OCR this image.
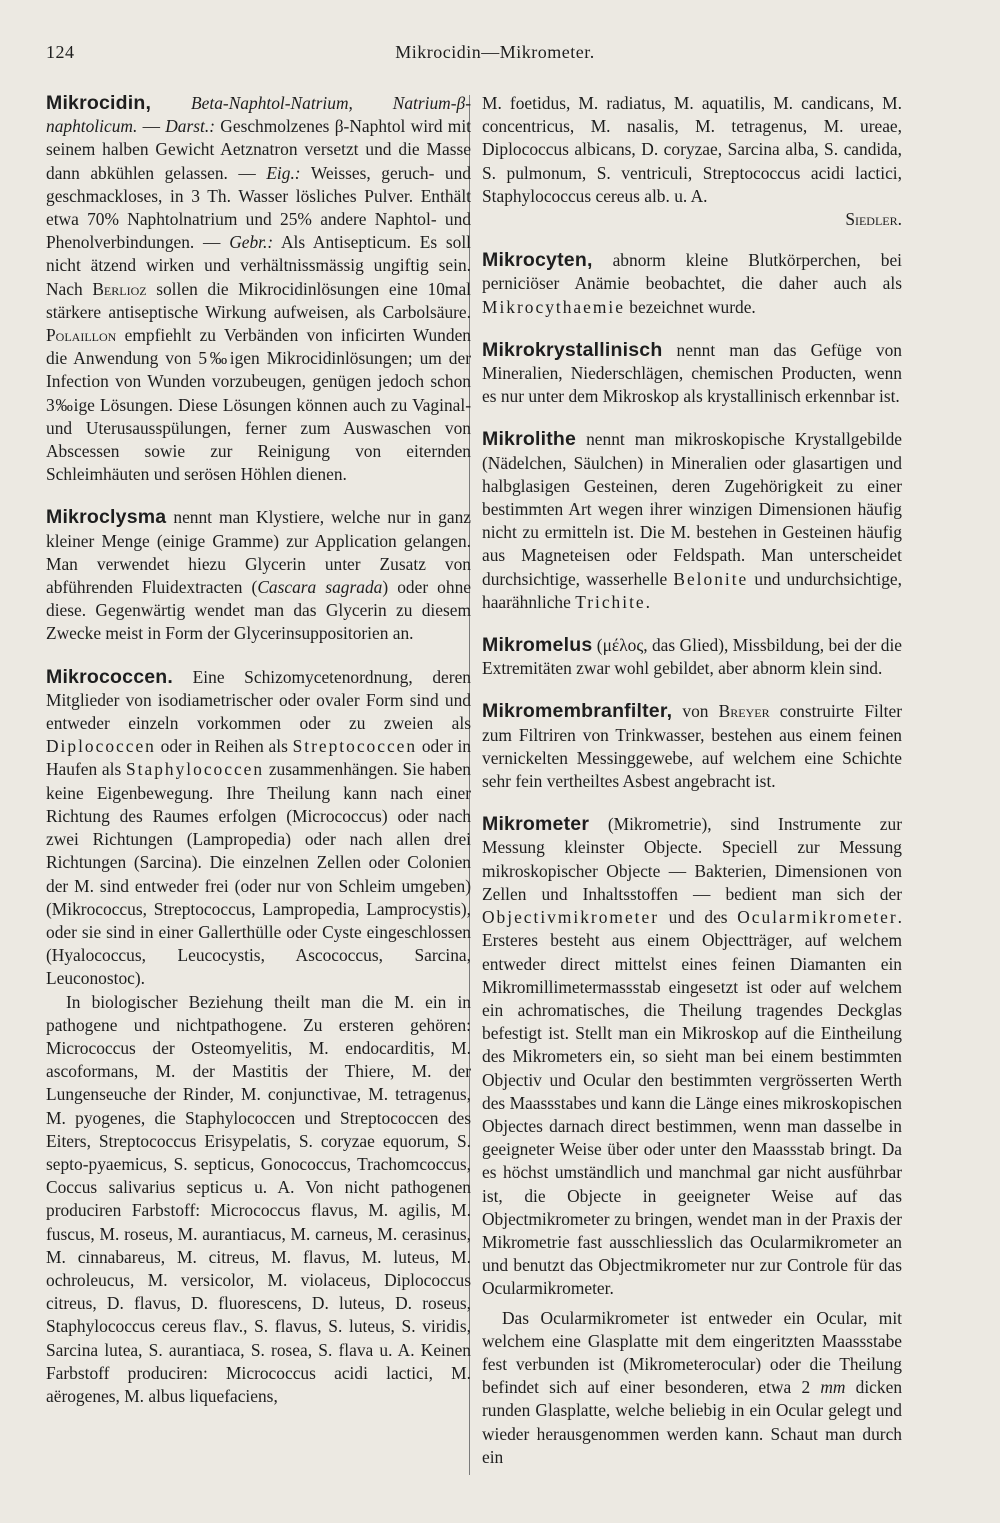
124	Mikrocidin—Mikrometer.

Mikrocidin, Beta-Naphtol-Natrium, Natrium-β-naphtolicum. — Darst.: Geschmolzenes β-Naphtol wird mit seinem halben Gewicht Aetznatron versetzt und die Masse dann abkühlen gelassen. — Eig.: Weisses, geruch- und geschmackloses, in 3 Th. Wasser lösliches Pulver. Enthält etwa 70% Naphtolnatrium und 25% andere Naphtol- und Phenolverbindungen. — Gebr.: Als Antisepticum. Es soll nicht ätzend wirken und verhältnissmässig ungiftig sein. Nach Berlioz sollen die Mikrocidinlösungen eine 10mal stärkere antiseptische Wirkung aufweisen, als Carbolsäure. Polaillon empfiehlt zu Verbänden von inficirten Wunden die Anwendung von 5‰igen Mikrocidinlösungen; um der Infection von Wunden vorzubeugen, genügen jedoch schon 3‰ige Lösungen. Diese Lösungen können auch zu Vaginal- und Uterusausspülungen, ferner zum Auswaschen von Abscessen sowie zur Reinigung von eiternden Schleimhäuten und serösen Höhlen dienen.

Mikroclysma nennt man Klystiere, welche nur in ganz kleiner Menge (einige Gramme) zur Application gelangen. Man verwendet hiezu Glycerin unter Zusatz von abführenden Fluidextracten (Cascara sagrada) oder ohne diese. Gegenwärtig wendet man das Glycerin zu diesem Zwecke meist in Form der Glycerinsuppositorien an.

Mikrococcen. Eine Schizomycetenordnung, deren Mitglieder von isodiametrischer oder ovaler Form sind und entweder einzeln vorkommen oder zu zweien als Diplococcen oder in Reihen als Streptococcen oder in Haufen als Staphylococcen zusammenhängen. Sie haben keine Eigenbewegung. Ihre Theilung kann nach einer Richtung des Raumes erfolgen (Micrococcus) oder nach zwei Richtungen (Lampropedia) oder nach allen drei Richtungen (Sarcina). Die einzelnen Zellen oder Colonien der M. sind entweder frei (oder nur von Schleim umgeben) (Mikrococcus, Streptococcus, Lampropedia, Lamprocystis), oder sie sind in einer Gallerthülle oder Cyste eingeschlossen (Hyalococcus, Leucocystis, Ascococcus, Sarcina, Leuconostoc).

In biologischer Beziehung theilt man die M. ein in pathogene und nichtpathogene. Zu ersteren gehören: Micrococcus der Osteomyelitis, M. endocarditis, M. ascoformans, M. der Mastitis der Thiere, M. der Lungenseuche der Rinder, M. conjunctivae, M. tetragenus, M. pyogenes, die Staphylococcen und Streptococcen des Eiters, Streptococcus Erisypelatis, S. coryzae equorum, S. septo-pyaemicus, S. septicus, Gonococcus, Trachomcoccus, Coccus salivarius septicus u. A. Von nicht pathogenen produciren Farbstoff: Micrococcus flavus, M. agilis, M. fuscus, M. roseus, M. aurantiacus, M. carneus, M. cerasinus, M. cinnabareus, M. citreus, M. flavus, M. luteus, M. ochroleucus, M. versicolor, M. violaceus, Diplococcus citreus, D. flavus, D. fluorescens, D. luteus, D. roseus, Staphylococcus cereus flav., S. flavus, S. luteus, S. viridis, Sarcina lutea, S. aurantiaca, S. rosea, S. flava u. A. Keinen Farbstoff produciren: Micrococcus acidi lactici, M. aërogenes, M. albus liquefaciens,

M. foetidus, M. radiatus, M. aquatilis, M. candicans, M. concentricus, M. nasalis, M. tetragenus, M. ureae, Diplococcus albicans, D. coryzae, Sarcina alba, S. candida, S. pulmonum, S. ventriculi, Streptococcus acidi lactici, Staphylococcus cereus alb. u. A.

Siedler.

Mikrocyten, abnorm kleine Blutkörperchen, bei perniciöser Anämie beobachtet, die daher auch als Mikrocythaemie bezeichnet wurde.

Mikrokrystallinisch nennt man das Gefüge von Mineralien, Niederschlägen, chemischen Producten, wenn es nur unter dem Mikroskop als krystallinisch erkennbar ist.

Mikrolithe nennt man mikroskopische Krystallgebilde (Nädelchen, Säulchen) in Mineralien oder glasartigen und halbglasigen Gesteinen, deren Zugehörigkeit zu einer bestimmten Art wegen ihrer winzigen Dimensionen häufig nicht zu ermitteln ist. Die M. bestehen in Gesteinen häufig aus Magneteisen oder Feldspath. Man unterscheidet durchsichtige, wasserhelle Belonite und undurchsichtige, haarähnliche Trichite.

Mikromelus (μέλος, das Glied), Missbildung, bei der die Extremitäten zwar wohl gebildet, aber abnorm klein sind.

Mikromembranfilter, von Breyer construirte Filter zum Filtriren von Trinkwasser, bestehen aus einem feinen vernickelten Messinggewebe, auf welchem eine Schichte sehr fein vertheiltes Asbest angebracht ist.

Mikrometer (Mikrometrie), sind Instrumente zur Messung kleinster Objecte. Speciell zur Messung mikroskopischer Objecte — Bakterien, Dimensionen von Zellen und Inhaltsstoffen — bedient man sich der Objectivmikrometer und des Ocularmikrometer. Ersteres besteht aus einem Objectträger, auf welchem entweder direct mittelst eines feinen Diamanten ein Mikromillimetermassstab eingesetzt ist oder auf welchem ein achromatisches, die Theilung tragendes Deckglas befestigt ist. Stellt man ein Mikroskop auf die Eintheilung des Mikrometers ein, so sieht man bei einem bestimmten Objectiv und Ocular den bestimmten vergrösserten Werth des Maassstabes und kann die Länge eines mikroskopischen Objectes darnach direct bestimmen, wenn man dasselbe in geeigneter Weise über oder unter den Maassstab bringt. Da es höchst umständlich und manchmal gar nicht ausführbar ist, die Objecte in geeigneter Weise auf das Objectmikrometer zu bringen, wendet man in der Praxis der Mikrometrie fast ausschliesslich das Ocularmikrometer an und benutzt das Objectmikrometer nur zur Controle für das Ocularmikrometer.

Das Ocularmikrometer ist entweder ein Ocular, mit welchem eine Glasplatte mit dem eingeritzten Maassstabe fest verbunden ist (Mikrometerocular) oder die Theilung befindet sich auf einer besonderen, etwa 2 mm dicken runden Glasplatte, welche beliebig in ein Ocular gelegt und wieder herausgenommen werden kann. Schaut man durch ein
